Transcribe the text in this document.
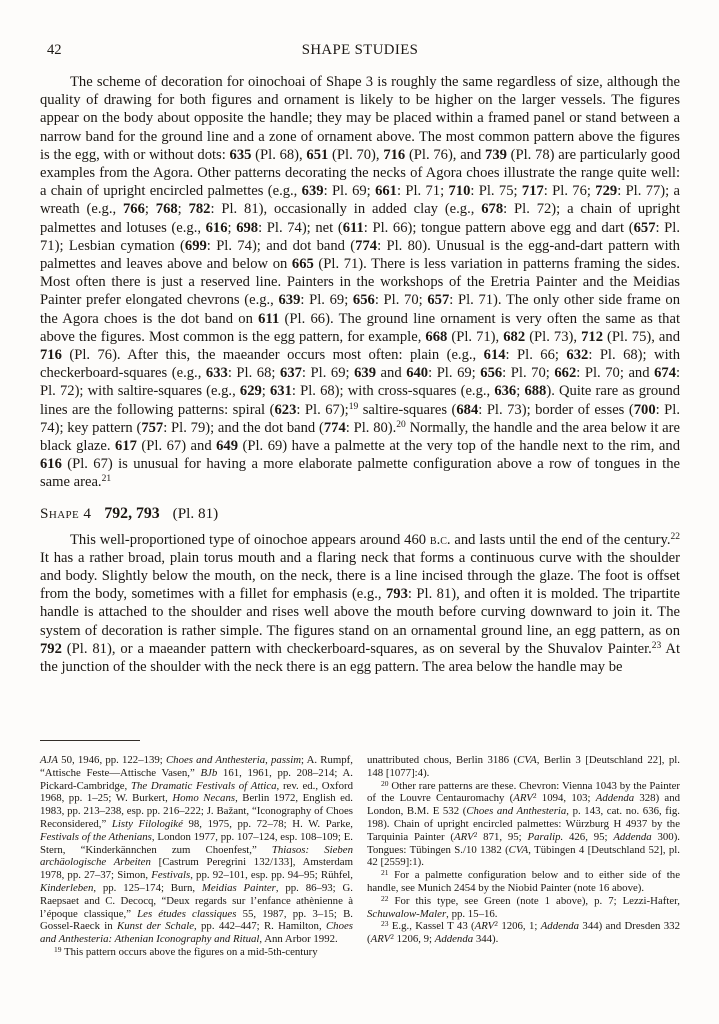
42	SHAPE STUDIES

The scheme of decoration for oinochoai of Shape 3 is roughly the same regardless of size, although the quality of drawing for both figures and ornament is likely to be higher on the larger vessels. The figures appear on the body about opposite the handle; they may be placed within a framed panel or stand between a narrow band for the ground line and a zone of ornament above. The most common pattern above the figures is the egg, with or without dots: 635 (Pl. 68), 651 (Pl. 70), 716 (Pl. 76), and 739 (Pl. 78) are particularly good examples from the Agora. Other patterns decorating the necks of Agora choes illustrate the range quite well: a chain of upright encircled palmettes (e.g., 639: Pl. 69; 661: Pl. 71; 710: Pl. 75; 717: Pl. 76; 729: Pl. 77); a wreath (e.g., 766; 768; 782: Pl. 81), occasionally in added clay (e.g., 678: Pl. 72); a chain of upright palmettes and lotuses (e.g., 616; 698: Pl. 74); net (611: Pl. 66); tongue pattern above egg and dart (657: Pl. 71); Lesbian cymation (699: Pl. 74); and dot band (774: Pl. 80). Unusual is the egg-and-dart pattern with palmettes and leaves above and below on 665 (Pl. 71). There is less variation in patterns framing the sides. Most often there is just a reserved line. Painters in the workshops of the Eretria Painter and the Meidias Painter prefer elongated chevrons (e.g., 639: Pl. 69; 656: Pl. 70; 657: Pl. 71). The only other side frame on the Agora choes is the dot band on 611 (Pl. 66). The ground line ornament is very often the same as that above the figures. Most common is the egg pattern, for example, 668 (Pl. 71), 682 (Pl. 73), 712 (Pl. 75), and 716 (Pl. 76). After this, the maeander occurs most often: plain (e.g., 614: Pl. 66; 632: Pl. 68); with checkerboard-squares (e.g., 633: Pl. 68; 637: Pl. 69; 639 and 640: Pl. 69; 656: Pl. 70; 662: Pl. 70; and 674: Pl. 72); with saltire-squares (e.g., 629; 631: Pl. 68); with cross-squares (e.g., 636; 688). Quite rare as ground lines are the following patterns: spiral (623: Pl. 67);$^{19}$ saltire-squares (684: Pl. 73); border of esses (700: Pl. 74); key pattern (757: Pl. 79); and the dot band (774: Pl. 80).$^{20}$ Normally, the handle and the area below it are black glaze. 617 (Pl. 67) and 649 (Pl. 69) have a palmette at the very top of the handle next to the rim, and 616 (Pl. 67) is unusual for having a more elaborate palmette configuration above a row of tongues in the same area.$^{21}$

Shape 4 792, 793 (Pl. 81)

This well-proportioned type of oinochoe appears around 460 b.c. and lasts until the end of the century.$^{22}$ It has a rather broad, plain torus mouth and a flaring neck that forms a continuous curve with the shoulder and body. Slightly below the mouth, on the neck, there is a line incised through the glaze. The foot is offset from the body, sometimes with a fillet for emphasis (e.g., 793: Pl. 81), and often it is molded. The tripartite handle is attached to the shoulder and rises well above the mouth before curving downward to join it. The system of decoration is rather simple. The figures stand on an ornamental ground line, an egg pattern, as on 792 (Pl. 81), or a maeander pattern with checkerboard-squares, as on several by the Shuvalov Painter.$^{23}$ At the junction of the shoulder with the neck there is an egg pattern. The area below the handle may be

AJA 50, 1946, pp. 122–139; Choes and Anthesteria, passim; A. Rumpf, “Attische Feste—Attische Vasen,” BJb 161, 1961, pp. 208–214; A. Pickard-Cambridge, The Dramatic Festivals of Attica, rev. ed., Oxford 1968, pp. 1–25; W. Burkert, Homo Necans, Berlin 1972, English ed. 1983, pp. 213–238, esp. pp. 216–222; J. Bažant, “Iconography of Choes Reconsidered,” Listy Filologiké 98, 1975, pp. 72–78; H. W. Parke, Festivals of the Athenians, London 1977, pp. 107–124, esp. 108–109; E. Stern, “Kinderkännchen zum Choenfest,” Thiasos: Sieben archäologische Arbeiten [Castrum Peregrini 132/133], Amsterdam 1978, pp. 27–37; Simon, Festivals, pp. 92–101, esp. pp. 94–95; Rühfel, Kinderleben, pp. 125–174; Burn, Meidias Painter, pp. 86–93; G. Raepsaet and C. Decocq, “Deux regards sur l’enfance athènienne à l’époque classique,” Les études classiques 55, 1987, pp. 3–15; B. Gossel-Raeck in Kunst der Schale, pp. 442–447; R. Hamilton, Choes and Anthesteria: Athenian Iconography and Ritual, Ann Arbor 1992.

$^{19}$ This pattern occurs above the figures on a mid-5th-century

unattributed chous, Berlin 3186 (CVA, Berlin 3 [Deutschland 22], pl. 148 [1077]:4).

$^{20}$ Other rare patterns are these. Chevron: Vienna 1043 by the Painter of the Louvre Centauromachy (ARV$^2$ 1094, 103; Addenda 328) and London, B.M. E 532 (Choes and Anthesteria, p. 143, cat. no. 636, fig. 198). Chain of upright encircled palmettes: Würzburg H 4937 by the Tarquinia Painter (ARV$^2$ 871, 95; Paralip. 426, 95; Addenda 300). Tongues: Tübingen S./10 1382 (CVA, Tübingen 4 [Deutschland 52], pl. 42 [2559]:1).

$^{21}$ For a palmette configuration below and to either side of the handle, see Munich 2454 by the Niobid Painter (note 16 above).

$^{22}$ For this type, see Green (note 1 above), p. 7; Lezzi-Hafter, Schuwalow-Maler, pp. 15–16.

$^{23}$ E.g., Kassel T 43 (ARV$^2$ 1206, 1; Addenda 344) and Dresden 332 (ARV$^2$ 1206, 9; Addenda 344).
